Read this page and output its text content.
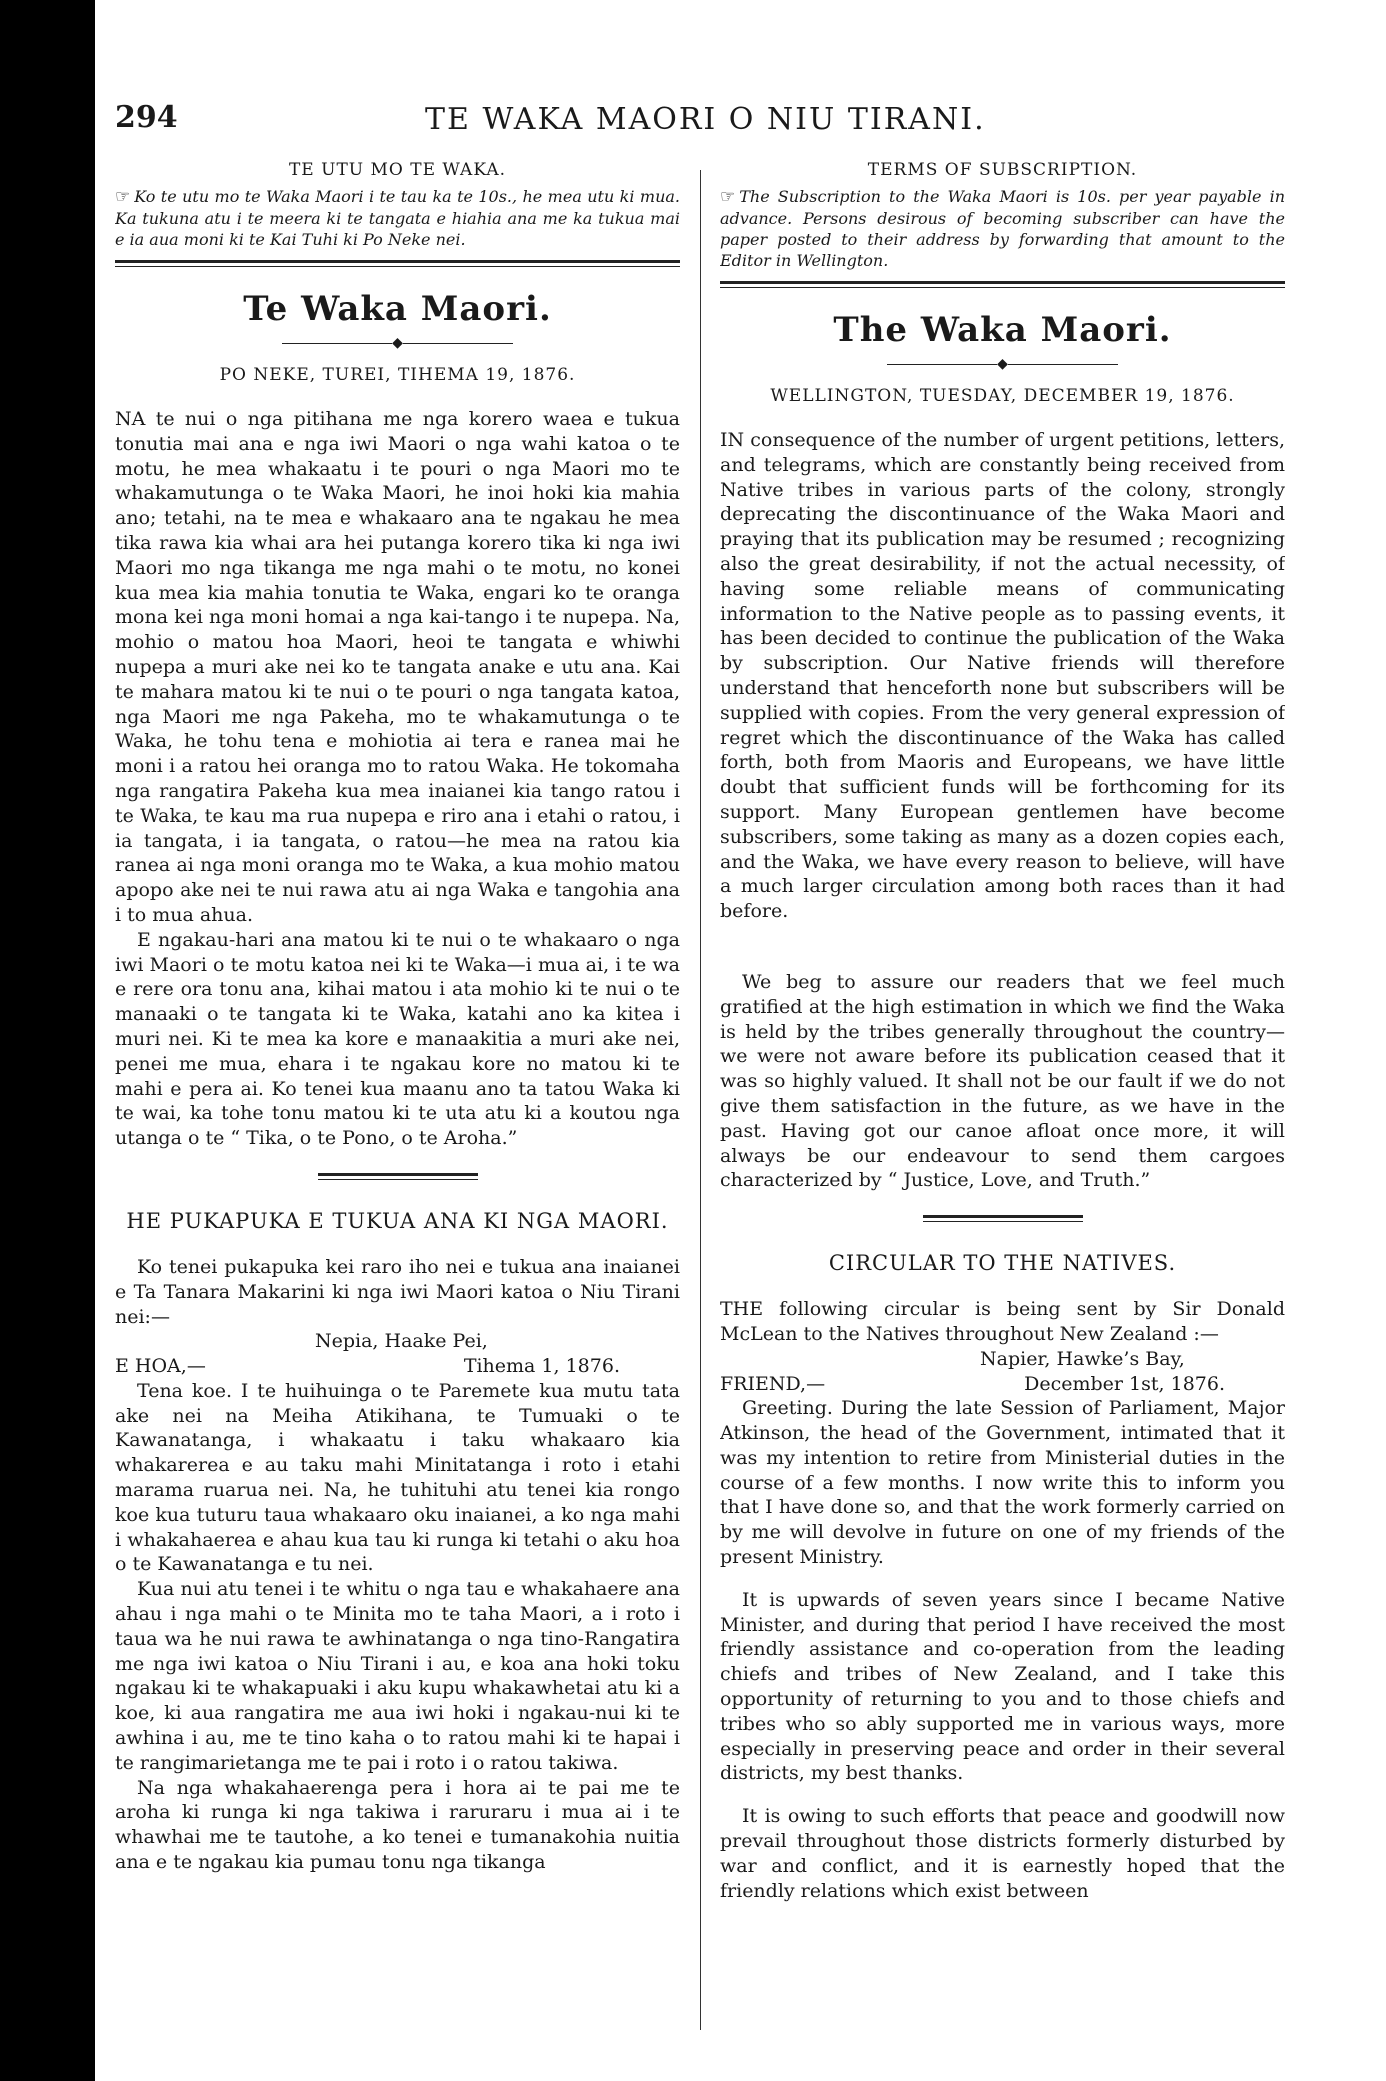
294	TE WAKA MAORI O NIU TIRANI.
TE UTU MO TE WAKA.

☞ Ko te utu mo te Waka Maori i te tau ka te 10s., he mea utu ki mua. Ka tukuna atu i te meera ki te tangata e hiahia ana me ka tukua mai e ia aua moni ki te Kai Tuhi ki Po Neke nei.

Te Waka Maori.
◆
PO NEKE, TUREI, TIHEMA 19, 1876.

NA te nui o nga pitihana me nga korero waea e tukua tonutia mai ana e nga iwi Maori o nga wahi katoa o te motu, he mea whakaatu i te pouri o nga Maori mo te whakamutunga o te Waka Maori, he inoi hoki kia mahia ano; tetahi, na te mea e whakaaro ana te ngakau he mea tika rawa kia whai ara hei putanga korero tika ki nga iwi Maori mo nga tikanga me nga mahi o te motu, no konei kua mea kia mahia tonutia te Waka, engari ko te oranga mona kei nga moni homai a nga kai-tango i te nupepa. Na, mohio o matou hoa Maori, heoi te tangata e whiwhi nupepa a muri ake nei ko te tangata anake e utu ana. Kai te mahara matou ki te nui o te pouri o nga tangata katoa, nga Maori me nga Pakeha, mo te whakamutunga o te Waka, he tohu tena e mohiotia ai tera e ranea mai he moni i a ratou hei oranga mo to ratou Waka. He tokomaha nga rangatira Pakeha kua mea inaianei kia tango ratou i te Waka, te kau ma rua nupepa e riro ana i etahi o ratou, i ia tangata, i ia tangata, o ratou—he mea na ratou kia ranea ai nga moni oranga mo te Waka, a kua mohio matou apopo ake nei te nui rawa atu ai nga Waka e tangohia ana i to mua ahua.

E ngakau-hari ana matou ki te nui o te whakaaro o nga iwi Maori o te motu katoa nei ki te Waka—i mua ai, i te wa e rere ora tonu ana, kihai matou i ata mohio ki te nui o te manaaki o te tangata ki te Waka, katahi ano ka kitea i muri nei. Ki te mea ka kore e manaakitia a muri ake nei, penei me mua, ehara i te ngakau kore no matou ki te mahi e pera ai. Ko tenei kua maanu ano ta tatou Waka ki te wai, ka tohe tonu matou ki te uta atu ki a koutou nga utanga o te “ Tika, o te Pono, o te Aroha.”

HE PUKAPUKA E TUKUA ANA KI NGA MAORI.

Ko tenei pukapuka kei raro iho nei e tukua ana inaianei e Ta Tanara Makarini ki nga iwi Maori katoa o Niu Tirani nei:—

Nepia, Haake Pei,

E HOA,—	Tihema 1, 1876.

Tena koe. I te huihuinga o te Paremete kua mutu tata ake nei na Meiha Atikihana, te Tumuaki o te Kawanatanga, i whakaatu i taku whakaaro kia whakarerea e au taku mahi Minitatanga i roto i etahi marama ruarua nei. Na, he tuhituhi atu tenei kia rongo koe kua tuturu taua whakaaro oku inaianei, a ko nga mahi i whakahaerea e ahau kua tau ki runga ki tetahi o aku hoa o te Kawanatanga e tu nei.

Kua nui atu tenei i te whitu o nga tau e whakahaere ana ahau i nga mahi o te Minita mo te taha Maori, a i roto i taua wa he nui rawa te awhinatanga o nga tino-Rangatira me nga iwi katoa o Niu Tirani i au, e koa ana hoki toku ngakau ki te whakapuaki i aku kupu whakawhetai atu ki a koe, ki aua rangatira me aua iwi hoki i ngakau-nui ki te awhina i au, me te tino kaha o to ratou mahi ki te hapai i te rangimarietanga me te pai i roto i o ratou takiwa.

Na nga whakahaerenga pera i hora ai te pai me te aroha ki runga ki nga takiwa i raruraru i mua ai i te whawhai me te tautohe, a ko tenei e tumanakohia nuitia ana e te ngakau kia pumau tonu nga tikanga

TERMS OF SUBSCRIPTION.

☞ The Subscription to the Waka Maori is 10s. per year payable in advance. Persons desirous of becoming subscriber can have the paper posted to their address by forwarding that amount to the Editor in Wellington.

The Waka Maori.
◆
WELLINGTON, TUESDAY, DECEMBER 19, 1876.

IN consequence of the number of urgent petitions, letters, and telegrams, which are constantly being received from Native tribes in various parts of the colony, strongly deprecating the discontinuance of the Waka Maori and praying that its publication may be resumed ; recognizing also the great desirability, if not the actual necessity, of having some reliable means of communicating information to the Native people as to passing events, it has been decided to continue the publication of the Waka by subscription. Our Native friends will therefore understand that henceforth none but subscribers will be supplied with copies. From the very general expression of regret which the discontinuance of the Waka has called forth, both from Maoris and Europeans, we have little doubt that sufficient funds will be forthcoming for its support. Many European gentlemen have become subscribers, some taking as many as a dozen copies each, and the Waka, we have every reason to believe, will have a much larger circulation among both races than it had before.

We beg to assure our readers that we feel much gratified at the high estimation in which we find the Waka is held by the tribes generally throughout the country—we were not aware before its publication ceased that it was so highly valued. It shall not be our fault if we do not give them satisfaction in the future, as we have in the past. Having got our canoe afloat once more, it will always be our endeavour to send them cargoes characterized by “ Justice, Love, and Truth.”

CIRCULAR TO THE NATIVES.

THE following circular is being sent by Sir Donald McLean to the Natives throughout New Zealand :—

Napier, Hawke’s Bay,

FRIEND,—	December 1st, 1876.

Greeting. During the late Session of Parliament, Major Atkinson, the head of the Government, intimated that it was my intention to retire from Ministerial duties in the course of a few months. I now write this to inform you that I have done so, and that the work formerly carried on by me will devolve in future on one of my friends of the present Ministry.

It is upwards of seven years since I became Native Minister, and during that period I have received the most friendly assistance and co-operation from the leading chiefs and tribes of New Zealand, and I take this opportunity of returning to you and to those chiefs and tribes who so ably supported me in various ways, more especially in preserving peace and order in their several districts, my best thanks.

It is owing to such efforts that peace and goodwill now prevail throughout those districts formerly disturbed by war and conflict, and it is earnestly hoped that the friendly relations which exist between
